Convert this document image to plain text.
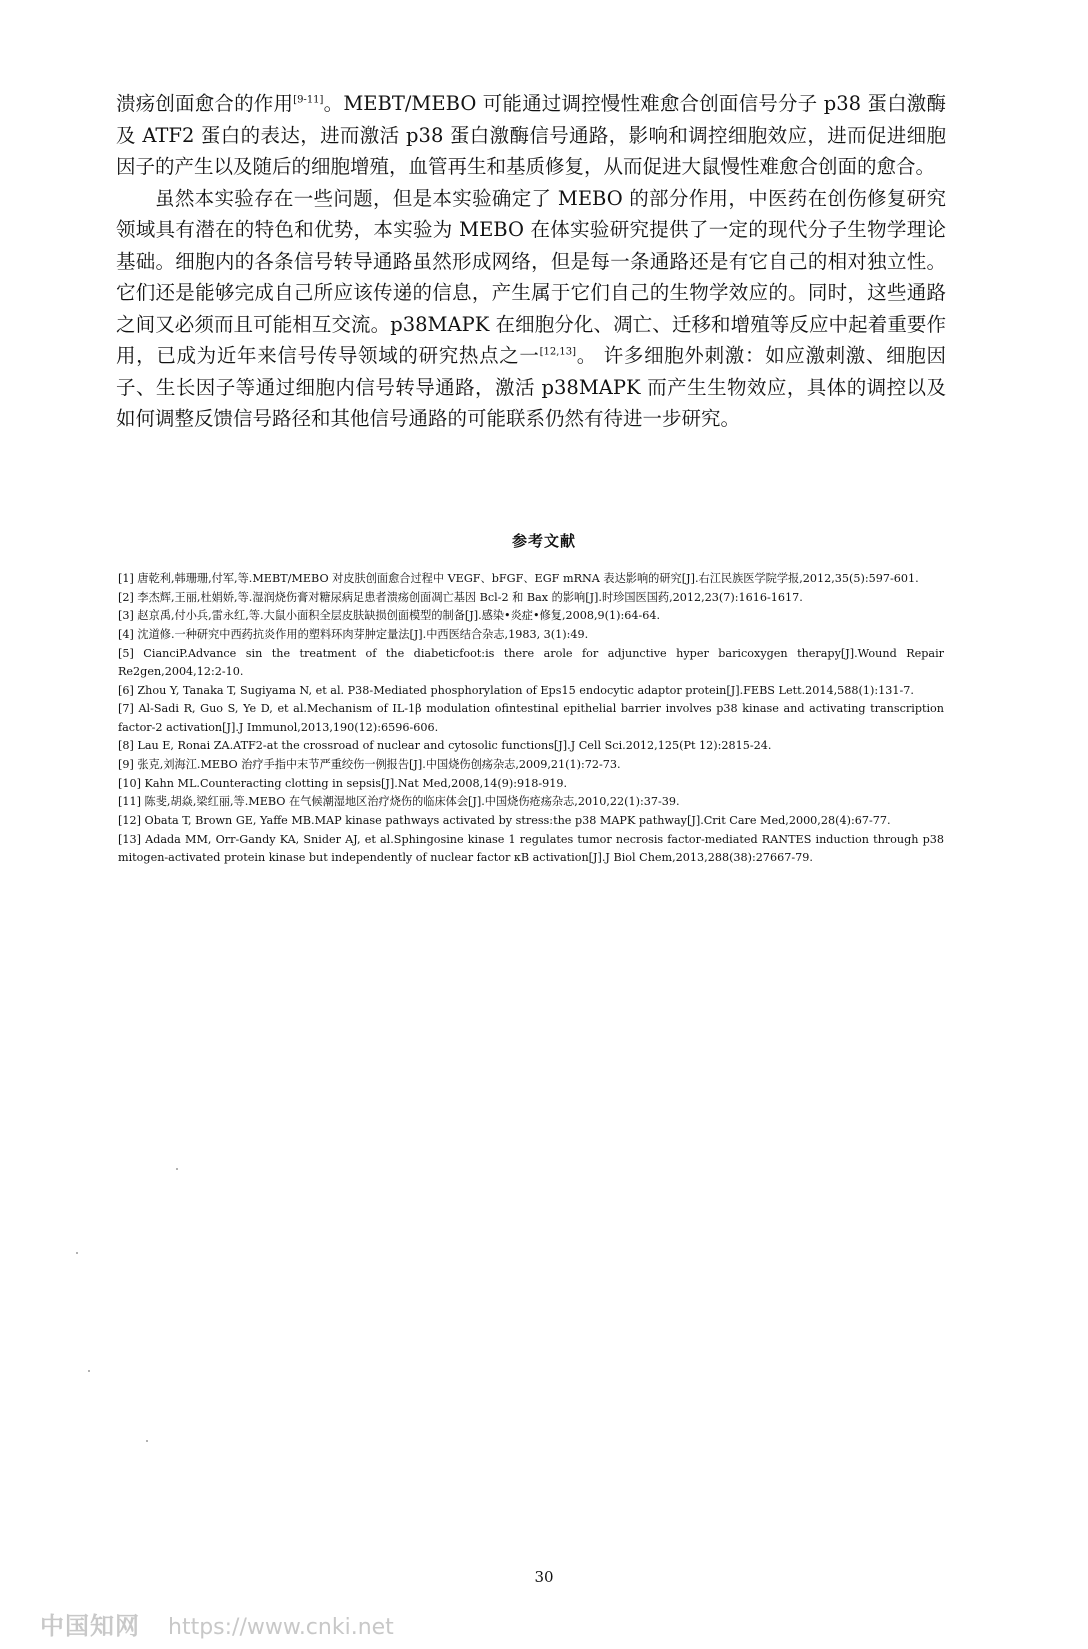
溃疡创面愈合的作用[9-11]。MEBT/MEBO 可能通过调控慢性难愈合创面信号分子 p38 蛋白激酶及 ATF2 蛋白的表达，进而激活 p38 蛋白激酶信号通路，影响和调控细胞效应，进而促进细胞因子的产生以及随后的细胞增殖，血管再生和基质修复，从而促进大鼠慢性难愈合创面的愈合。

虽然本实验存在一些问题，但是本实验确定了 MEBO 的部分作用，中医药在创伤修复研究领域具有潜在的特色和优势，本实验为 MEBO 在体实验研究提供了一定的现代分子生物学理论基础。细胞内的各条信号转导通路虽然形成网络，但是每一条通路还是有它自己的相对独立性。它们还是能够完成自己所应该传递的信息，产生属于它们自己的生物学效应的。同时，这些通路之间又必须而且可能相互交流。p38MAPK 在细胞分化、凋亡、迁移和增殖等反应中起着重要作用，已成为近年来信号传导领域的研究热点之一[12,13]。 许多细胞外刺激：如应激刺激、细胞因子、生长因子等通过细胞内信号转导通路，激活 p38MAPK 而产生生物效应，具体的调控以及如何调整反馈信号路径和其他信号通路的可能联系仍然有待进一步研究。

参考文献

[1] 唐乾利,韩珊珊,付军,等.MEBT/MEBO 对皮肤创面愈合过程中 VEGF、bFGF、EGF mRNA 表达影响的研究[J].右江民族医学院学报,2012,35(5):597-601.

[2] 李杰辉,王丽,杜娟娇,等.湿润烧伤膏对糖尿病足患者溃疡创面凋亡基因 Bcl-2 和 Bax 的影响[J].时珍国医国药,2012,23(7):1616-1617.

[3] 赵京禹,付小兵,雷永红,等.大鼠小面积全层皮肤缺损创面模型的制备[J].感染•炎症•修复,2008,9(1):64-64.

[4] 沈道修.一种研究中西药抗炎作用的塑料环肉芽肿定量法[J].中西医结合杂志,1983, 3(1):49.

[5] CianciP.Advance sin the treatment of the diabeticfoot:is there arole for adjunctive hyper baricoxygen therapy[J].Wound Repair Re2gen,2004,12:2-10.

[6] Zhou Y, Tanaka T, Sugiyama N, et al. P38-Mediated phosphorylation of Eps15 endocytic adaptor protein[J].FEBS Lett.2014,588(1):131-7.

[7] Al-Sadi R, Guo S, Ye D, et al.Mechanism of IL-1β modulation ofintestinal epithelial barrier involves p38 kinase and activating transcription factor-2 activation[J].J Immunol,2013,190(12):6596-606.

[8] Lau E, Ronai ZA.ATF2-at the crossroad of nuclear and cytosolic functions[J].J Cell Sci.2012,125(Pt 12):2815-24.

[9] 张克,刘海江.MEBO 治疗手指中末节严重绞伤一例报告[J].中国烧伤创疡杂志,2009,21(1):72-73.

[10] Kahn ML.Counteracting clotting in sepsis[J].Nat Med,2008,14(9):918-919.

[11] 陈斐,胡焱,梁红丽,等.MEBO 在气候潮湿地区治疗烧伤的临床体会[J].中国烧伤疮疡杂志,2010,22(1):37-39.

[12] Obata T, Brown GE, Yaffe MB.MAP kinase pathways activated by stress:the p38 MAPK pathway[J].Crit Care Med,2000,28(4):67-77.

[13] Adada MM, Orr-Gandy KA, Snider AJ, et al.Sphingosine kinase 1 regulates tumor necrosis factor-mediated RANTES induction through p38 mitogen-activated protein kinase but independently of nuclear factor κB activation[J].J Biol Chem,2013,288(38):27667-79.

30
中国知网 https://www.cnki.net
